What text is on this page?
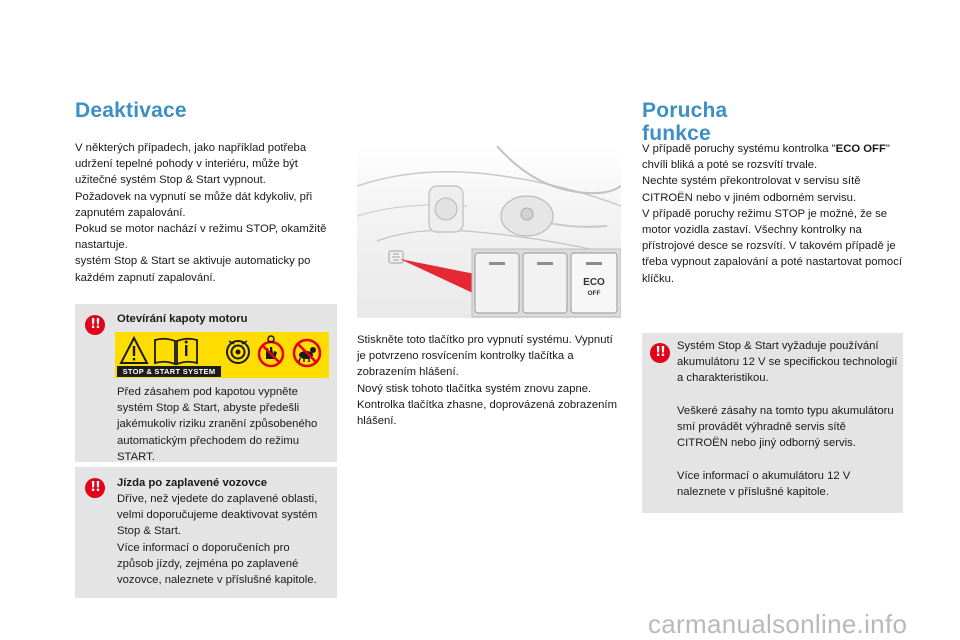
Deaktivace

V některých případech, jako například potřeba udržení tepelné pohody v interiéru, může být užitečné systém Stop & Start vypnout.

Požadovek na vypnutí se může dát kdykoliv, při zapnutém zapalování.

Pokud se motor nachází v režimu STOP, okamžitě nastartuje.

systém Stop & Start se aktivuje automaticky po každém zapnutí zapalování.

!!	Otevírání kapoty motoru
STOP & START SYSTEM
Před zásahem pod kapotou vypněte systém Stop & Start, abyste předešli jakémukoliv riziku zranění způsobeného automatickým přechodem do režimu START.
!!	Jízda po zaplavené vozovce
Dříve, než vjedete do zaplavené oblasti, velmi doporučujeme deaktivovat systém Stop & Start.
Více informací o doporučeních pro způsob jízdy, zejména po zaplavené vozovce, naleznete v příslušné kapitole.
ECO
OFF

Stiskněte toto tlačítko pro vypnutí systému. Vypnutí je potvrzeno rosvícením kontrolky tlačítka a zobrazením hlášení.

Nový stisk tohoto tlačítka systém znovu zapne. Kontrolka tlačítka zhasne, doprovázená zobrazením hlášení.

Porucha
funkce

V případě poruchy systému kontrolka "ECO OFF" chvíli bliká a poté se rozsvítí trvale.

Nechte systém překontrolovat v servisu sítě CITROËN nebo v jiném odborném servisu.

V případě poruchy režimu STOP je možné, že se motor vozidla zastaví. Všechny kontrolky na přístrojové desce se rozsvítí. V takovém případě je třeba vypnout zapalování a poté nastartovat pomocí klíčku.

!!	Systém Stop & Start vyžaduje používání akumulátoru 12 V se specifickou technologií a charakteristikou.
Veškeré zásahy na tomto typu akumulátoru smí provádět výhradně servis sítě CITROËN nebo jiný odborný servis.
Více informací o akumulátoru 12 V naleznete v příslušné kapitole.
carmanualsonline.info
